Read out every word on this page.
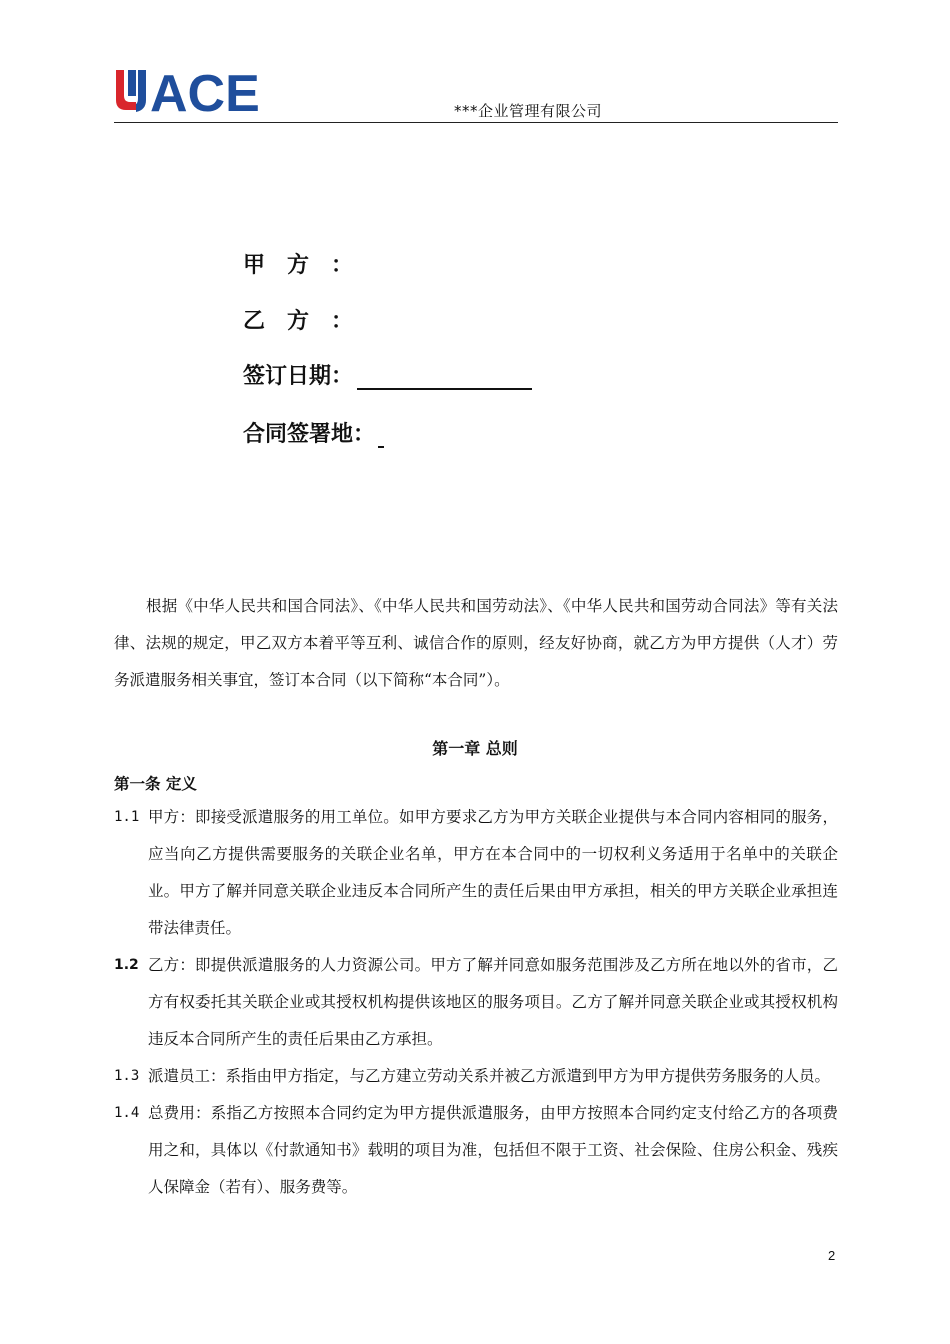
ACE	***企业管理有限公司
甲方：
乙方：
签订日期：
合同签署地：
根据《中华人民共和国合同法》、《中华人民共和国劳动法》、《中华人民共和国劳动合同法》等有关法律、法规的规定，甲乙双方本着平等互利、诚信合作的原则，经友好协商，就乙方为甲方提供（人才）劳务派遣服务相关事宜，签订本合同（以下简称“本合同”）。
第一章 总则
第一条 定义
1.1 甲方：即接受派遣服务的用工单位。如甲方要求乙方为甲方关联企业提供与本合同内容相同的服务，应当向乙方提供需要服务的关联企业名单，甲方在本合同中的一切权利义务适用于名单中的关联企业。甲方了解并同意关联企业违反本合同所产生的责任后果由甲方承担，相关的甲方关联企业承担连带法律责任。
1.2 乙方：即提供派遣服务的人力资源公司。甲方了解并同意如服务范围涉及乙方所在地以外的省市，乙方有权委托其关联企业或其授权机构提供该地区的服务项目。乙方了解并同意关联企业或其授权机构违反本合同所产生的责任后果由乙方承担。
1.3 派遣员工：系指由甲方指定，与乙方建立劳动关系并被乙方派遣到甲方为甲方提供劳务服务的人员。
1.4 总费用：系指乙方按照本合同约定为甲方提供派遣服务，由甲方按照本合同约定支付给乙方的各项费用之和，具体以《付款通知书》载明的项目为准，包括但不限于工资、社会保险、住房公积金、残疾人保障金（若有）、服务费等。
2
